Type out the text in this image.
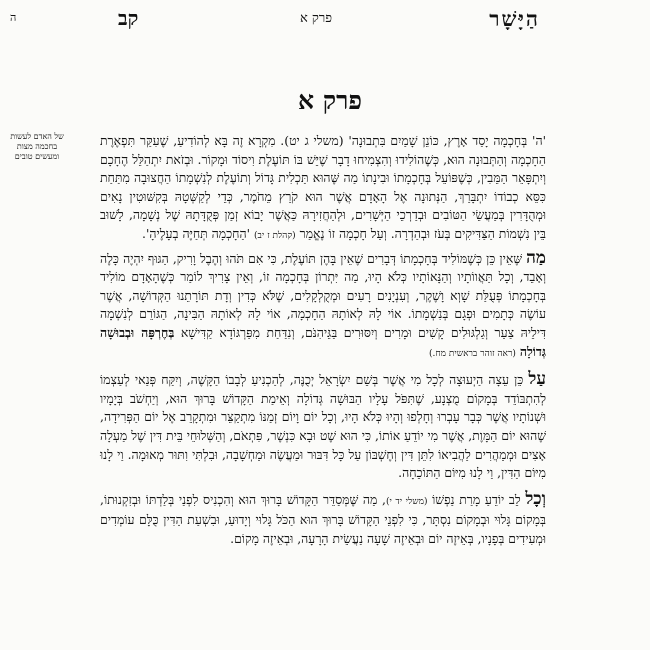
הַיָּשָׁר
פרק א
קב
ה
פרק א
של האדם לעשות בחכמה מצות ומעשים טובים

'ה' בְּחָכְמָה יָסַד אָרֶץ, כּוֹנֵן שָׁמַיִם בִּתְבוּנָה' (משלי ג יט). מִקְרָא זֶה בָּא לְהוֹדִיעַ, שֶׁעִקַּר תִּפְאֶרֶת הַחָכְמָה וְהַתְּבוּנָה הוּא, כְּשֶׁהוֹלִידוּ וְהִצְמִיחוּ דָבָר שֶׁיֵּשׁ בּוֹ תּוֹעֶלֶת וִיסוֹד וּמָקוֹר. וּבְזֹאת יִתְהַלֵּל הֶחָכָם וְיִתְפָּאֵר הַמֵּבִין, כְּשֶׁפּוֹעֵל בְּחָכְמָתוֹ וּבִינָתוֹ מַה שֶּׁהוּא תַּכְלִית גָּדוֹל וְתוֹעֶלֶת לְנִשְׁמָתוֹ הַחֲצוּבָה מִתַּחַת כִּסֵּא כְבוֹדוֹ יִתְבָּרַךְ, הַנְּתוּנָה אֶל הָאָדָם אֲשֶׁר הוּא קֹרַץ מֵחֹמֶר, כְּדֵי לְקַשְּׁטָהּ בְּקִשּׁוּטִין נָאִים וּמְהֻדָּרִין בְּמַעֲשֵׂי הַטּוֹבִים וּבְדַרְכֵי הַיְּשָׁרִים, וּלְהַחֲזִירָהּ כַּאֲשֶׁר יָבוֹא זְמַן פְּקֻדָּתָהּ שֶׁל נְשָׁמָה, לָשׁוּב בֵּין נִשְׁמוֹת הַצַּדִּיקִים בְּעֹז וּבְהַדְרָה. וְעַל חָכְמָה זוֹ נֶאֱמַר (קהלת ז יב) 'הַחָכְמָה תְּחַיֶּה בְעָלֶיהָ'.

מַה שֶּׁאֵין כֵּן כְּשֶׁמּוֹלִיד בְּחָכְמָתוֹ דְּבָרִים שֶׁאֵין בָּהֶן תּוֹעֶלֶת, כִּי אִם תֹּהוּ וְהֶבֶל וָרִיק, הַגּוּף יִהְיֶה כָּלֶה וְאָבֵד, וְכָל תַּאֲווֹתָיו וְהַנָּאוֹתָיו כְּלֹא הָיוּ, מַה יִּתְרוֹן בְּחָכְמָה זוֹ, וְאֵין צָרִיךְ לוֹמַר כְּשֶׁהָאָדָם מוֹלִיד בְּחָכְמָתוֹ פְּעֻלַּת שָׁוְא וָשֶׁקֶר, וְעִנְיָנִים רָעִים וּמְקֻלְקָלִים, שֶׁלֹּא כְּדִין וְדָת תּוֹרָתֵנוּ הַקְּדוֹשָׁה, אֲשֶׁר עוֹשֶׂה כְּתָמִים וּפְגָם בְּנִשְׁמָתוֹ. אוֹי לָהּ לְאוֹתָהּ הַחָכְמָה, אוֹי לָהּ לְאוֹתָהּ הַבִּינָה, הַגּוֹרֵם לְנִשְׁמָה דִּילֵיהּ צַעַר וְגַלְגּוּלִים קָשִׁים וּמָרִים וְיִסּוּרִים בַּגֵּיהִנֹּם, וְנִדַּחַת מִפַּרְגּוֹדָא קַדִּישָׁא בְּחֶרְפָּה וּבְבוּשָׁה גְּדוֹלָה (ראה זוהר בראשית מח.)

עַל כֵּן עֵצָה הַיְעוּצָה לְכָל מִי אֲשֶׁר בְּשֵׁם יִשְׂרָאֵל יְכֻנֶּה, לְהַכְנִיעַ לְבָבוֹ הַקָּשֶׁה, וְיִקַּח פְּנַאי לְעַצְמוֹ לְהִתְבּוֹדֵד בְּמָקוֹם מֻצְנָע, שֶׁתִּפֹּל עָלָיו הַבּוּשָׁה גְּדוֹלָה וְאֵימַת הַקָּדוֹשׁ בָּרוּךְ הוּא, וְיַחְשֹׁב בְּיָמָיו וּשְׁנוֹתָיו אֲשֶׁר כְּבָר עָבְרוּ וְחָלְפוּ וְהָיוּ כְּלֹא הָיוּ, וְכָל יוֹם וָיוֹם זְמַנּוֹ מִתְקַצֵּר וּמִתְקָרֵב אֶל יוֹם הַפְּרִידָה, שֶׁהוּא יוֹם הַמָּוֶת, אֲשֶׁר מִי יוֹדֵעַ אוֹתוֹ, כִּי הוּא שֶׁט וּבָא כִּנְשֶׁר, פִּתְאֹם, וְהַשְּׁלוּחֵי בֵּית דִּין שֶׁל מַעְלָה אָצִים וּמְמַהֲרִים לַהֲבִיאוֹ לִתֵּן דִּין וְחֶשְׁבּוֹן עַל כָּל דִּבּוּר וּמַעֲשֶׂה וּמַחְשָׁבָה, וּבִלְתִּי וִתּוּר מְאוּמָה. וַי לָנוּ מִיּוֹם הַדִּין, וַי לָנוּ מִיּוֹם הַתּוֹכֵחָה.

וְכָל לֵב יוֹדֵעַ מָרַת נַפְשׁוֹ (משלי יד י), מַה שֶּׁמְּסַדֵּר הַקָּדוֹשׁ בָּרוּךְ הוּא וְהִכְנִיס לִפְנַי בְּלַדְתּוֹ וּבְזִקְנוּתוֹ, בְּמָקוֹם גָּלוּי וּבְמָקוֹם נִסְתָּר, כִּי לִפְנֵי הַקָּדוֹשׁ בָּרוּךְ הוּא הַכֹּל גָּלוּי וְיָדוּעַ, וּבִשְׁעַת הַדִּין כֻּלָּם עוֹמְדִים וּמְעִידִים בְּפָנָיו, בְּאֵיזֶה יוֹם וּבְאֵיזֶה שָׁעָה נַעֲשֵׂית הָרָעָה, וּבְאֵיזֶה מָקוֹם.
